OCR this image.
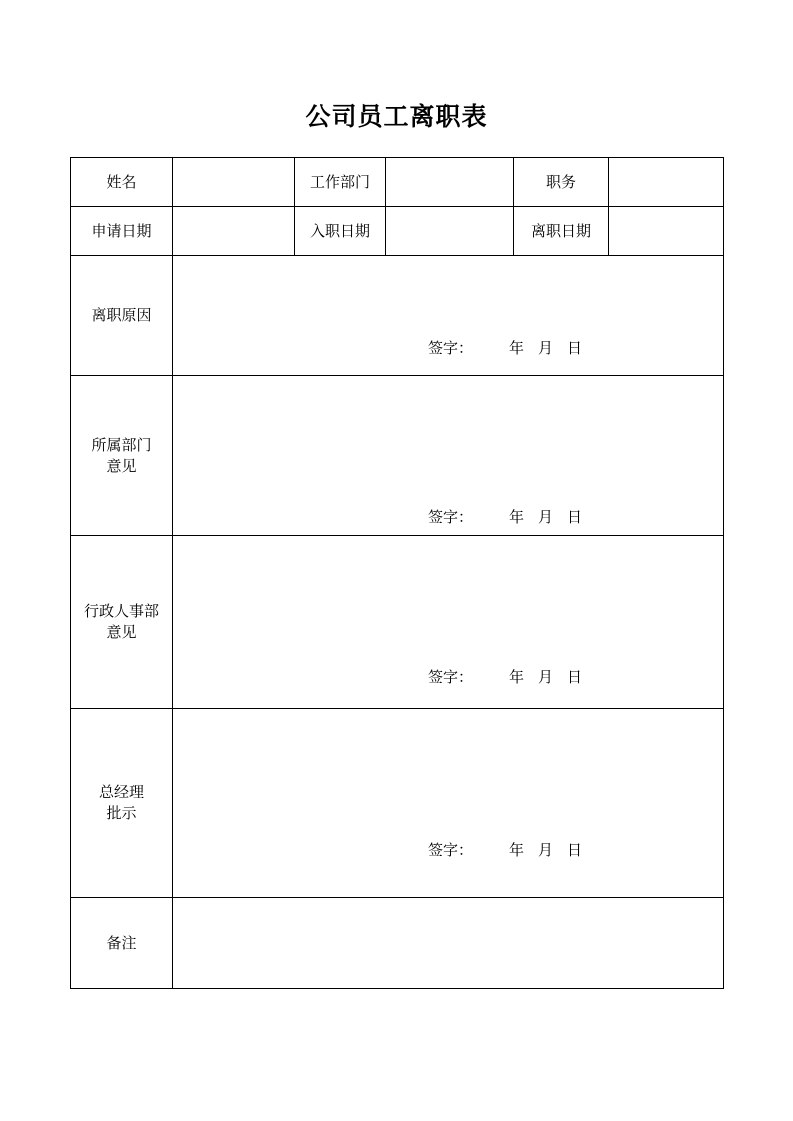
公司员工离职表
姓名		工作部门		职务	
申请日期		入职日期		离职日期	

离职原因	签字： 年 月 日				

所属部门
意见	签字： 年 月 日				

行政人事部
意见	签字： 年 月 日				

总经理
批示	签字： 年 月 日				

备注					
